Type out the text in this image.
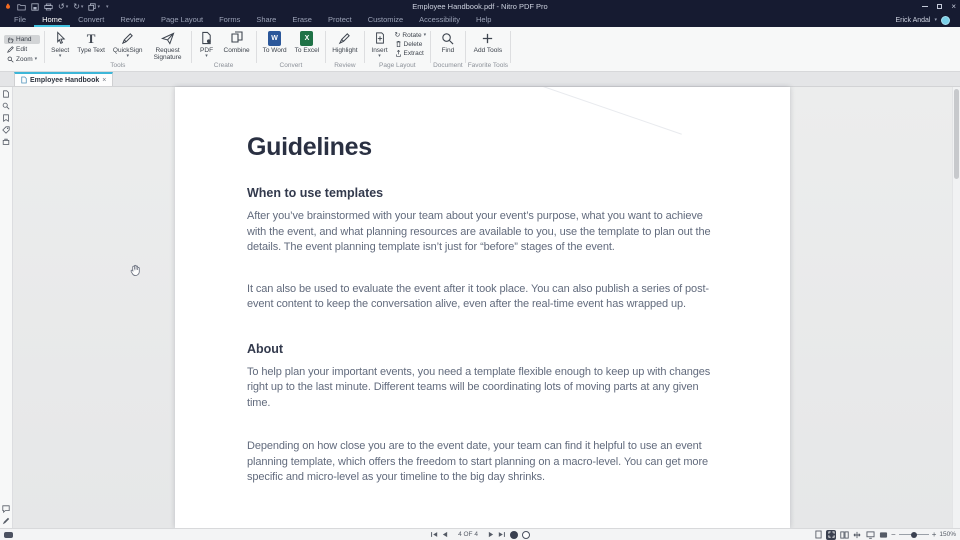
↺ ▾ ↻ ▾	▾ ▾	Employee Handbook.pdf - Nitro PDF Pro	×
File	Home	Convert	Review	Page Layout	Forms	Share	Erase	Protect	Customize	Accessibility	Help	Erick Andal ▾
Hand
Edit
Zoom ▾
Select
▾
T
Type Text QuickSign
▾
Request Signature
Tools
PDF
▾
Combine
Create
W
To Word
X
To Excel
Convert
Highlight
Review
Insert
▾
↻ Rotate ▾
Delete
Extract
Page Layout
Find
Document
Add Tools
Favorite Tools
Employee Handbook ×
Guidelines
When to use templates

After you’ve brainstormed with your team about your event’s purpose, what you want to achieve with the event, and what planning resources are available to you, use the template to plan out the details. The event planning template isn’t just for “before” stages of the event.

It can also be used to evaluate the event after it took place. You can also publish a series of post-event content to keep the conversation alive, even after the real-time event has wrapped up.

About

To help plan your important events, you need a template flexible enough to keep up with changes right up to the last minute. Different teams will be coordinating lots of moving parts at any given time.

Depending on how close you are to the event date, your team can find it helpful to use an event planning template, which offers the freedom to start planning on a macro-level. You can get more specific and micro-level as your timeline to the big day shrinks.

4 OF 4	−	+ 150%
